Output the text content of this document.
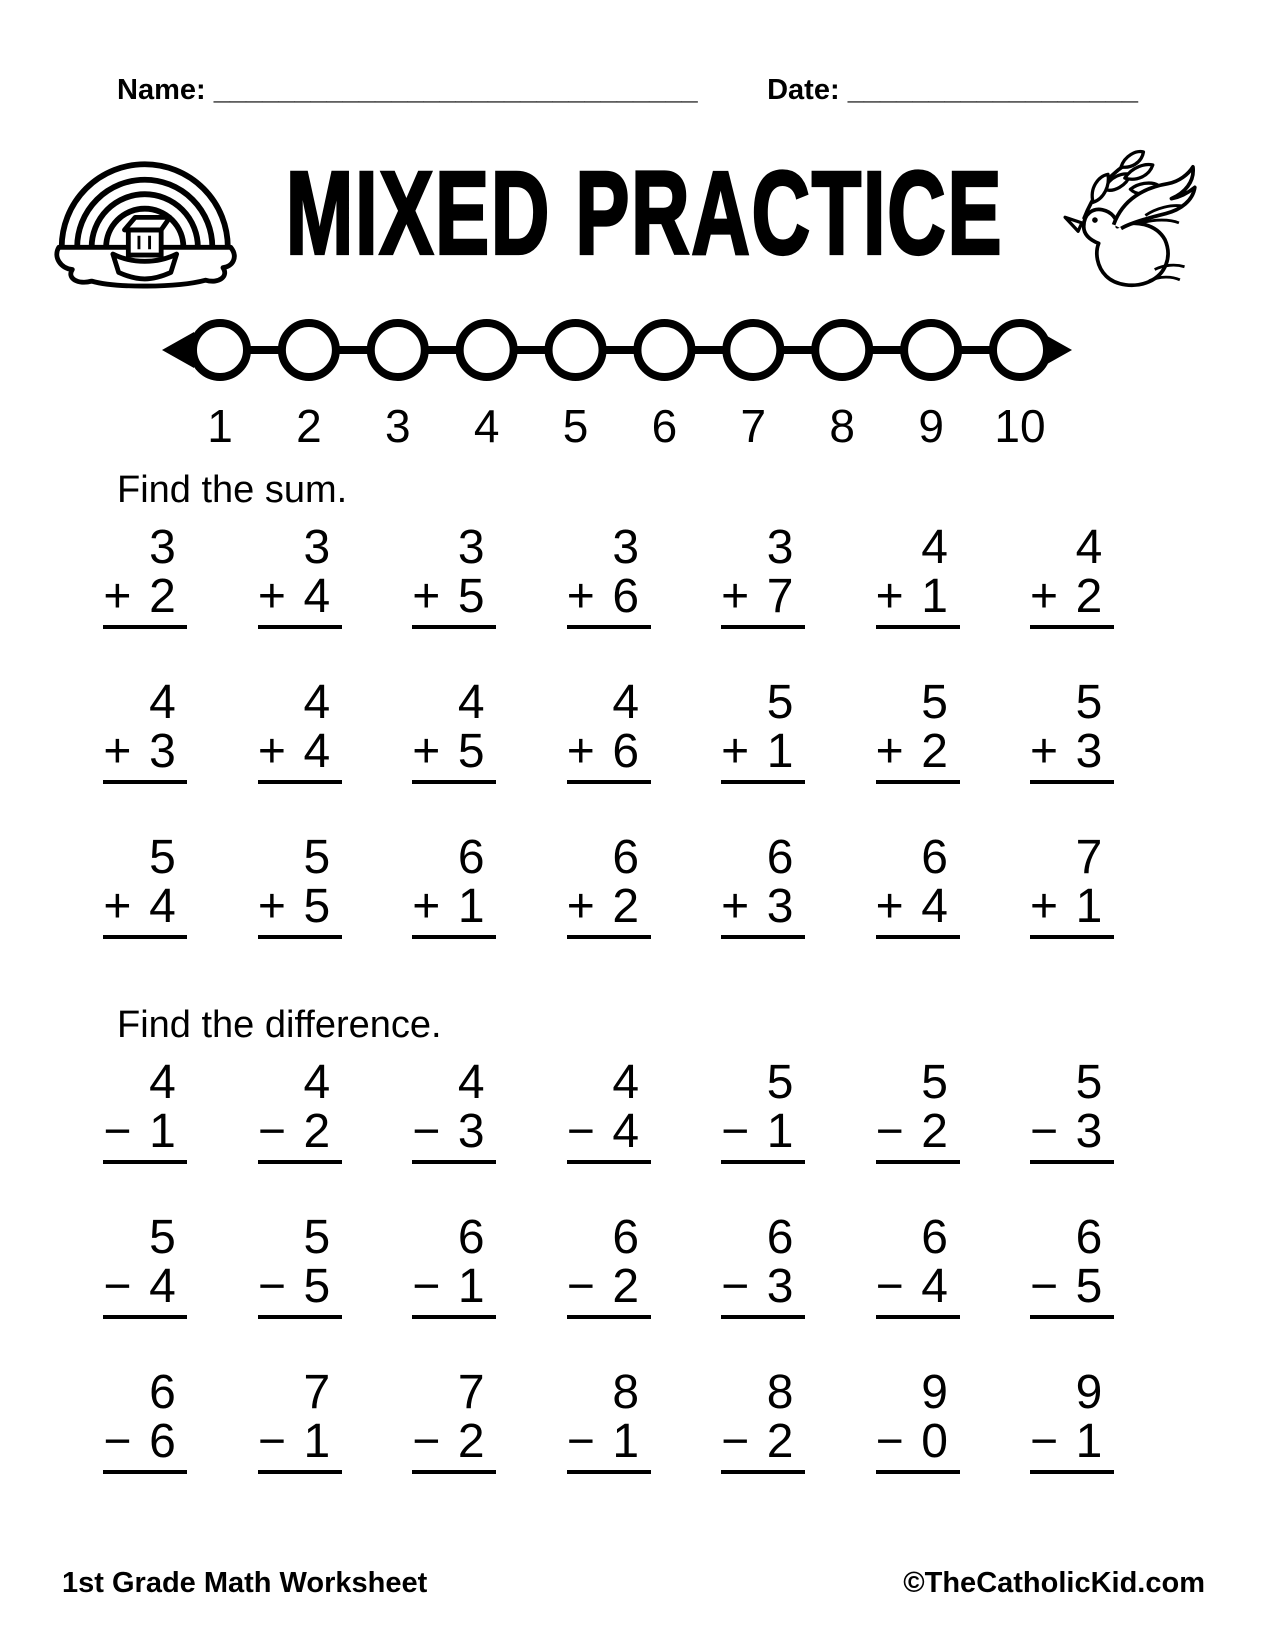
Name: ______________________________ Date: __________________
MIXED PRACTICE
1 2 3 4 5 6 7 8 9 10
Find the sum.
3
+ 2
3
+ 4
3
+ 5
3
+ 6
3
+ 7
4
+ 1
4
+ 2
4
+ 3
4
+ 4
4
+ 5
4
+ 6
5
+ 1
5
+ 2
5
+ 3
5
+ 4
5
+ 5
6
+ 1
6
+ 2
6
+ 3
6
+ 4
7
+ 1
Find the difference.
4
− 1
4
− 2
4
− 3
4
− 4
5
− 1
5
− 2
5
− 3
5
− 4
5
− 5
6
− 1
6
− 2
6
− 3
6
− 4
6
− 5
6
− 6
7
− 1
7
− 2
8
− 1
8
− 2
9
− 0
9
− 1
1st Grade Math Worksheet	©TheCatholicKid.com
